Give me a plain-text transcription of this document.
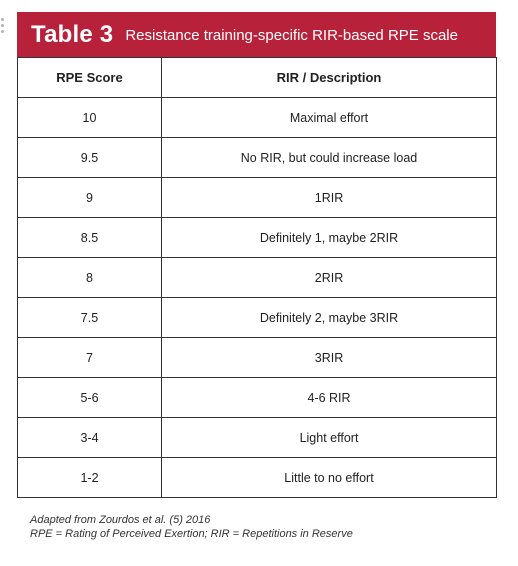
Table 3 Resistance training-specific RIR-based RPE scale
RPE Score	RIR / Description
10	Maximal effort
9.5	No RIR, but could increase load
9	1RIR
8.5	Definitely 1, maybe 2RIR
8	2RIR
7.5	Definitely 2, maybe 3RIR
7	3RIR
5-6	4-6 RIR
3-4	Light effort
1-2	Little to no effort
Adapted from Zourdos et al. (5) 2016
RPE = Rating of Perceived Exertion; RIR = Repetitions in Reserve
